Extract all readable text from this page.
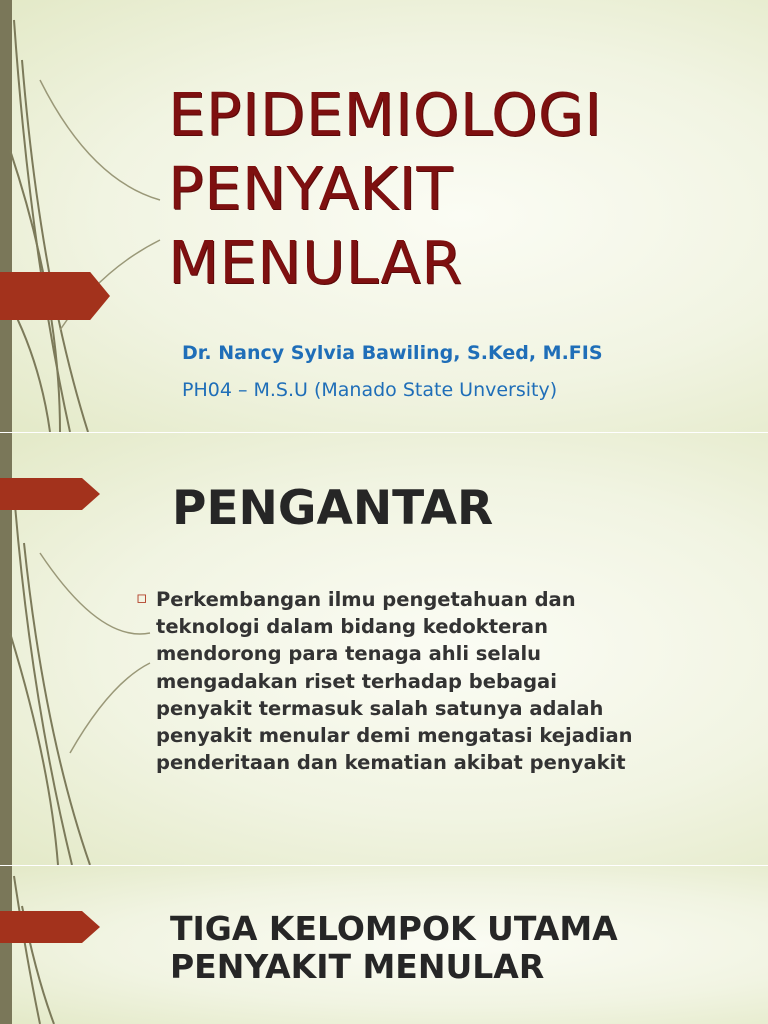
EPIDEMIOLOGI
PENYAKIT
MENULAR
Dr. Nancy Sylvia Bawiling, S.Ked, M.FIS
PH04 – M.S.U (Manado State Unversity)
PENGANTAR
▫ Perkembangan ilmu pengetahuan dan
teknologi dalam bidang kedokteran
mendorong para tenaga ahli selalu
mengadakan riset terhadap bebagai
penyakit termasuk salah satunya adalah
penyakit menular demi mengatasi kejadian
penderitaan dan kematian akibat penyakit
TIGA KELOMPOK UTAMA
PENYAKIT MENULAR
